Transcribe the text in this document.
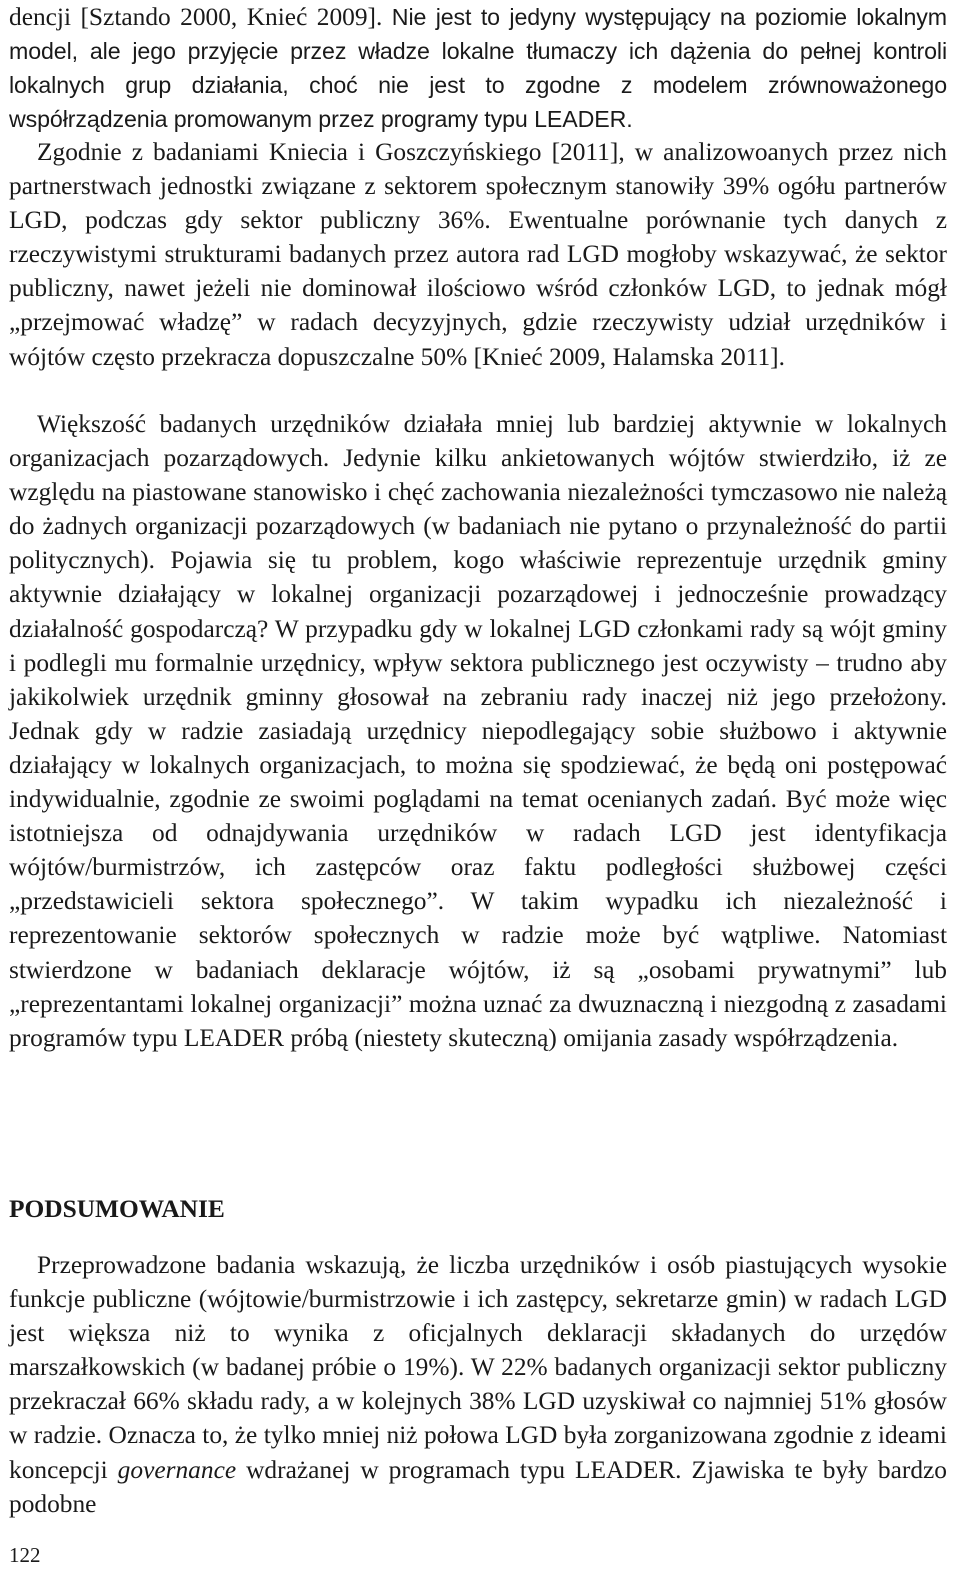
dencji [Sztando 2000, Knieć 2009]. Nie jest to jedyny występujący na poziomie lokalnym model, ale jego przyjęcie przez władze lokalne tłumaczy ich dążenia do pełnej kontroli lokalnych grup działania, choć nie jest to zgodne z modelem zrównoważonego współrządzenia promowanym przez programy typu LEADER.

Zgodnie z badaniami Kniecia i Goszczyńskiego [2011], w analizowoanych przez nich partnerstwach jednostki związane z sektorem społecznym stanowiły 39% ogółu partnerów LGD, podczas gdy sektor publiczny 36%. Ewentualne porównanie tych danych z rzeczywistymi strukturami badanych przez autora rad LGD mogłoby wskazywać, że sektor publiczny, nawet jeżeli nie dominował ilościowo wśród członków LGD, to jednak mógł „przejmować władzę” w radach decyzyjnych, gdzie rzeczywisty udział urzędników i wójtów często przekracza dopuszczalne 50% [Knieć 2009, Halamska 2011].

Większość badanych urzędników działała mniej lub bardziej aktywnie w lokalnych organizacjach pozarządowych. Jedynie kilku ankietowanych wójtów stwierdziło, iż ze względu na piastowane stanowisko i chęć zachowania niezależności tymczasowo nie należą do żadnych organizacji pozarządowych (w badaniach nie pytano o przynależność do partii politycznych). Pojawia się tu problem, kogo właściwie reprezentuje urzędnik gminy aktywnie działający w lokalnej organizacji pozarządowej i jednocześnie prowadzący działalność gospodarczą? W przypadku gdy w lokalnej LGD członkami rady są wójt gminy i podlegli mu formalnie urzędnicy, wpływ sektora publicznego jest oczywisty – trudno aby jakikolwiek urzędnik gminny głosował na zebraniu rady inaczej niż jego przełożony. Jednak gdy w radzie zasiadają urzędnicy niepodlegający sobie służbowo i aktywnie działający w lokalnych organizacjach, to można się spodziewać, że będą oni postępować indywidualnie, zgodnie ze swoimi poglądami na temat ocenianych zadań. Być może więc istotniejsza od odnajdywania urzędników w radach LGD jest identyfikacja wójtów/burmistrzów, ich zastępców oraz faktu podległości służbowej części „przedstawicieli sektora społecznego”. W takim wypadku ich niezależność i reprezentowanie sektorów społecznych w radzie może być wątpliwe. Natomiast stwierdzone w badaniach deklaracje wójtów, iż są „osobami prywatnymi” lub „reprezentantami lokalnej organizacji” można uznać za dwuznaczną i niezgodną z zasadami programów typu LEADER próbą (niestety skuteczną) omijania zasady współrządzenia.

PODSUMOWANIE

Przeprowadzone badania wskazują, że liczba urzędników i osób piastujących wysokie funkcje publiczne (wójtowie/burmistrzowie i ich zastępcy, sekretarze gmin) w radach LGD jest większa niż to wynika z oficjalnych deklaracji składanych do urzędów marszałkowskich (w badanej próbie o 19%). W 22% badanych organizacji sektor publiczny przekraczał 66% składu rady, a w kolejnych 38% LGD uzyskiwał co najmniej 51% głosów w radzie. Oznacza to, że tylko mniej niż połowa LGD była zorganizowana zgodnie z ideami koncepcji governance wdrażanej w programach typu LEADER. Zjawiska te były bardzo podobne

122
